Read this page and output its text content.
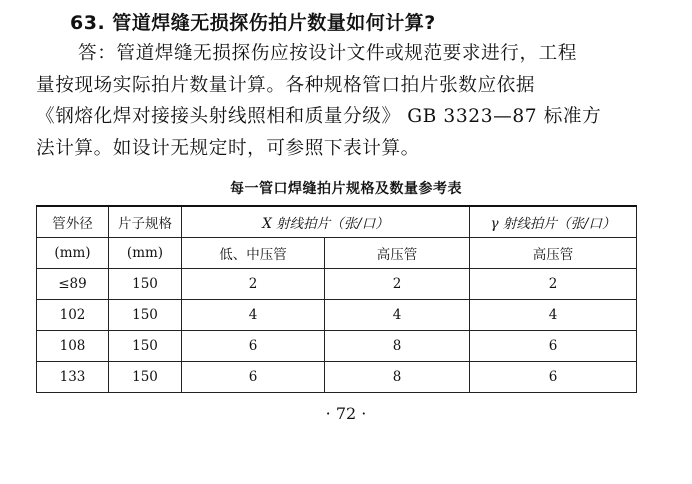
63. 管道焊缝无损探伤拍片数量如何计算?
答：管道焊缝无损探伤应按设计文件或规范要求进行，工程
量按现场实际拍片数量计算。各种规格管口拍片张数应依据
《钢熔化焊对接接头射线照相和质量分级》 GB 3323—87 标准方
法计算。如设计无规定时，可参照下表计算。
每一管口焊缝拍片规格及数量参考表
管外径	片子规格	X 射线拍片（张/口）		γ 射线拍片（张/口）
(mm)	(mm)	低、中压管	高压管	高压管
≤89	150	2	2	2
102	150	4	4	4
108	150	6	8	6
133	150	6	8	6
· 72 ·
